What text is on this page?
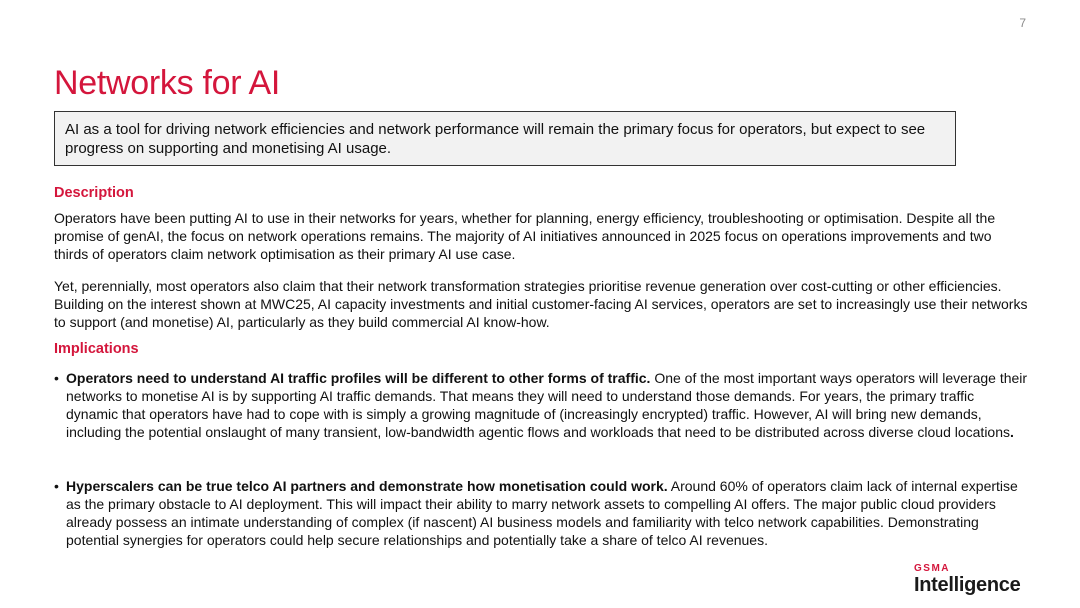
7
Networks for AI
AI as a tool for driving network efficiencies and network performance will remain the primary focus for operators, but expect to see progress on supporting and monetising AI usage.
Description

Operators have been putting AI to use in their networks for years, whether for planning, energy efficiency, troubleshooting or optimisation. Despite all the promise of genAI, the focus on network operations remains. The majority of AI initiatives announced in 2025 focus on operations improvements and two thirds of operators claim network optimisation as their primary AI use case.

Yet, perennially, most operators also claim that their network transformation strategies prioritise revenue generation over cost-cutting or other efficiencies. Building on the interest shown at MWC25, AI capacity investments and initial customer-facing AI services, operators are set to increasingly use their networks to support (and monetise) AI, particularly as they build commercial AI know-how.

Implications
• Operators need to understand AI traffic profiles will be different to other forms of traffic. One of the most important ways operators will leverage their networks to monetise AI is by supporting AI traffic demands. That means they will need to understand those demands. For years, the primary traffic dynamic that operators have had to cope with is simply a growing magnitude of (increasingly encrypted) traffic. However, AI will bring new demands, including the potential onslaught of many transient, low-bandwidth agentic flows and workloads that need to be distributed across diverse cloud locations.
• Hyperscalers can be true telco AI partners and demonstrate how monetisation could work. Around 60% of operators claim lack of internal expertise as the primary obstacle to AI deployment. This will impact their ability to marry network assets to compelling AI offers. The major public cloud providers already possess an intimate understanding of complex (if nascent) AI business models and familiarity with telco network capabilities. Demonstrating potential synergies for operators could help secure relationships and potentially take a share of telco AI revenues.
GSMA
Intelligence
